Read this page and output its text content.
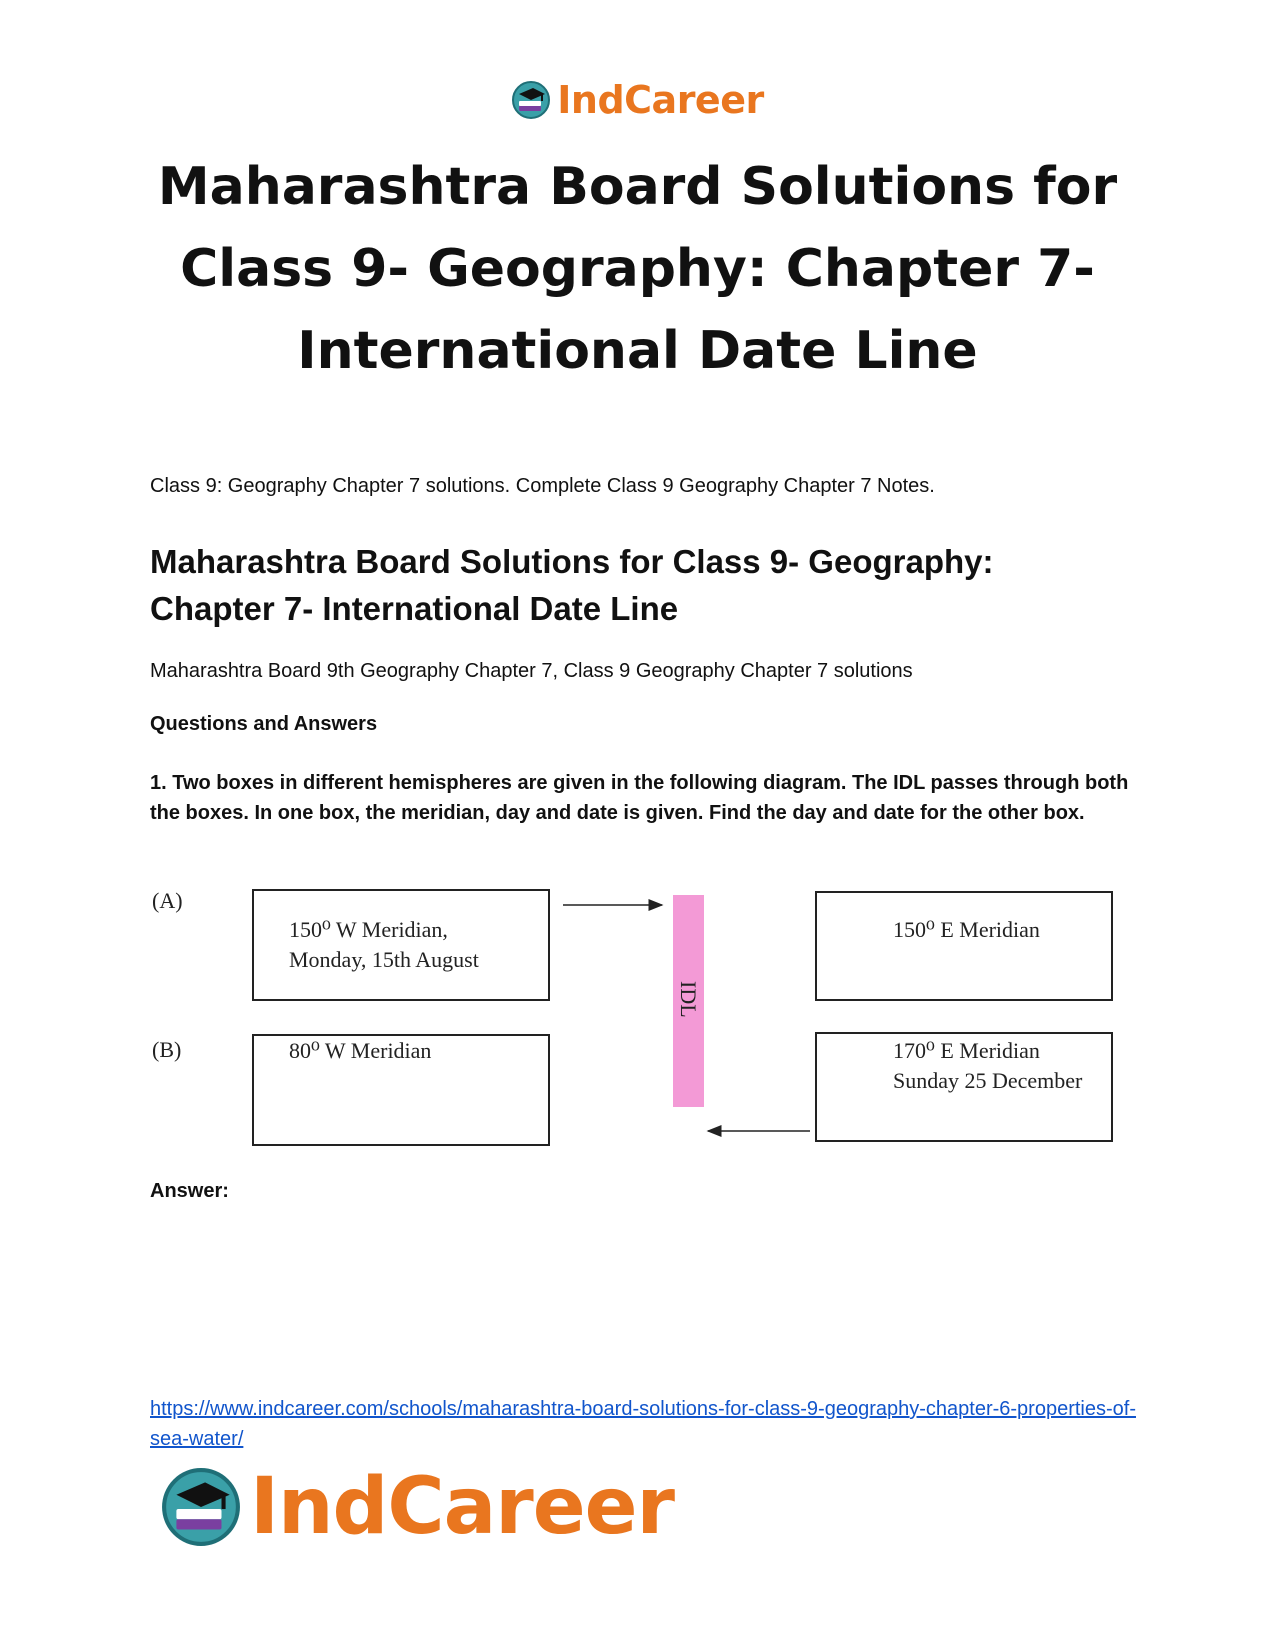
IndCareer
Maharashtra Board Solutions for Class 9- Geography: Chapter 7- International Date Line
Class 9: Geography Chapter 7 solutions. Complete Class 9 Geography Chapter 7 Notes.
Maharashtra Board Solutions for Class 9- Geography: Chapter 7- International Date Line
Maharashtra Board 9th Geography Chapter 7, Class 9 Geography Chapter 7 solutions
Questions and Answers
1. Two boxes in different hemispheres are given in the following diagram. The IDL passes through both the boxes. In one box, the meridian, day and date is given. Find the day and date for the other box.
(A)
(B)
150⁰ W Meridian,
Monday, 15th August
150⁰ E Meridian
80⁰ W Meridian	170⁰ E Meridian
Sunday 25 December
IDL
Answer:
https://www.indcareer.com/schools/maharashtra-board-solutions-for-class-9-geography-chapter-6-properties-of-sea-water/
IndCareer
